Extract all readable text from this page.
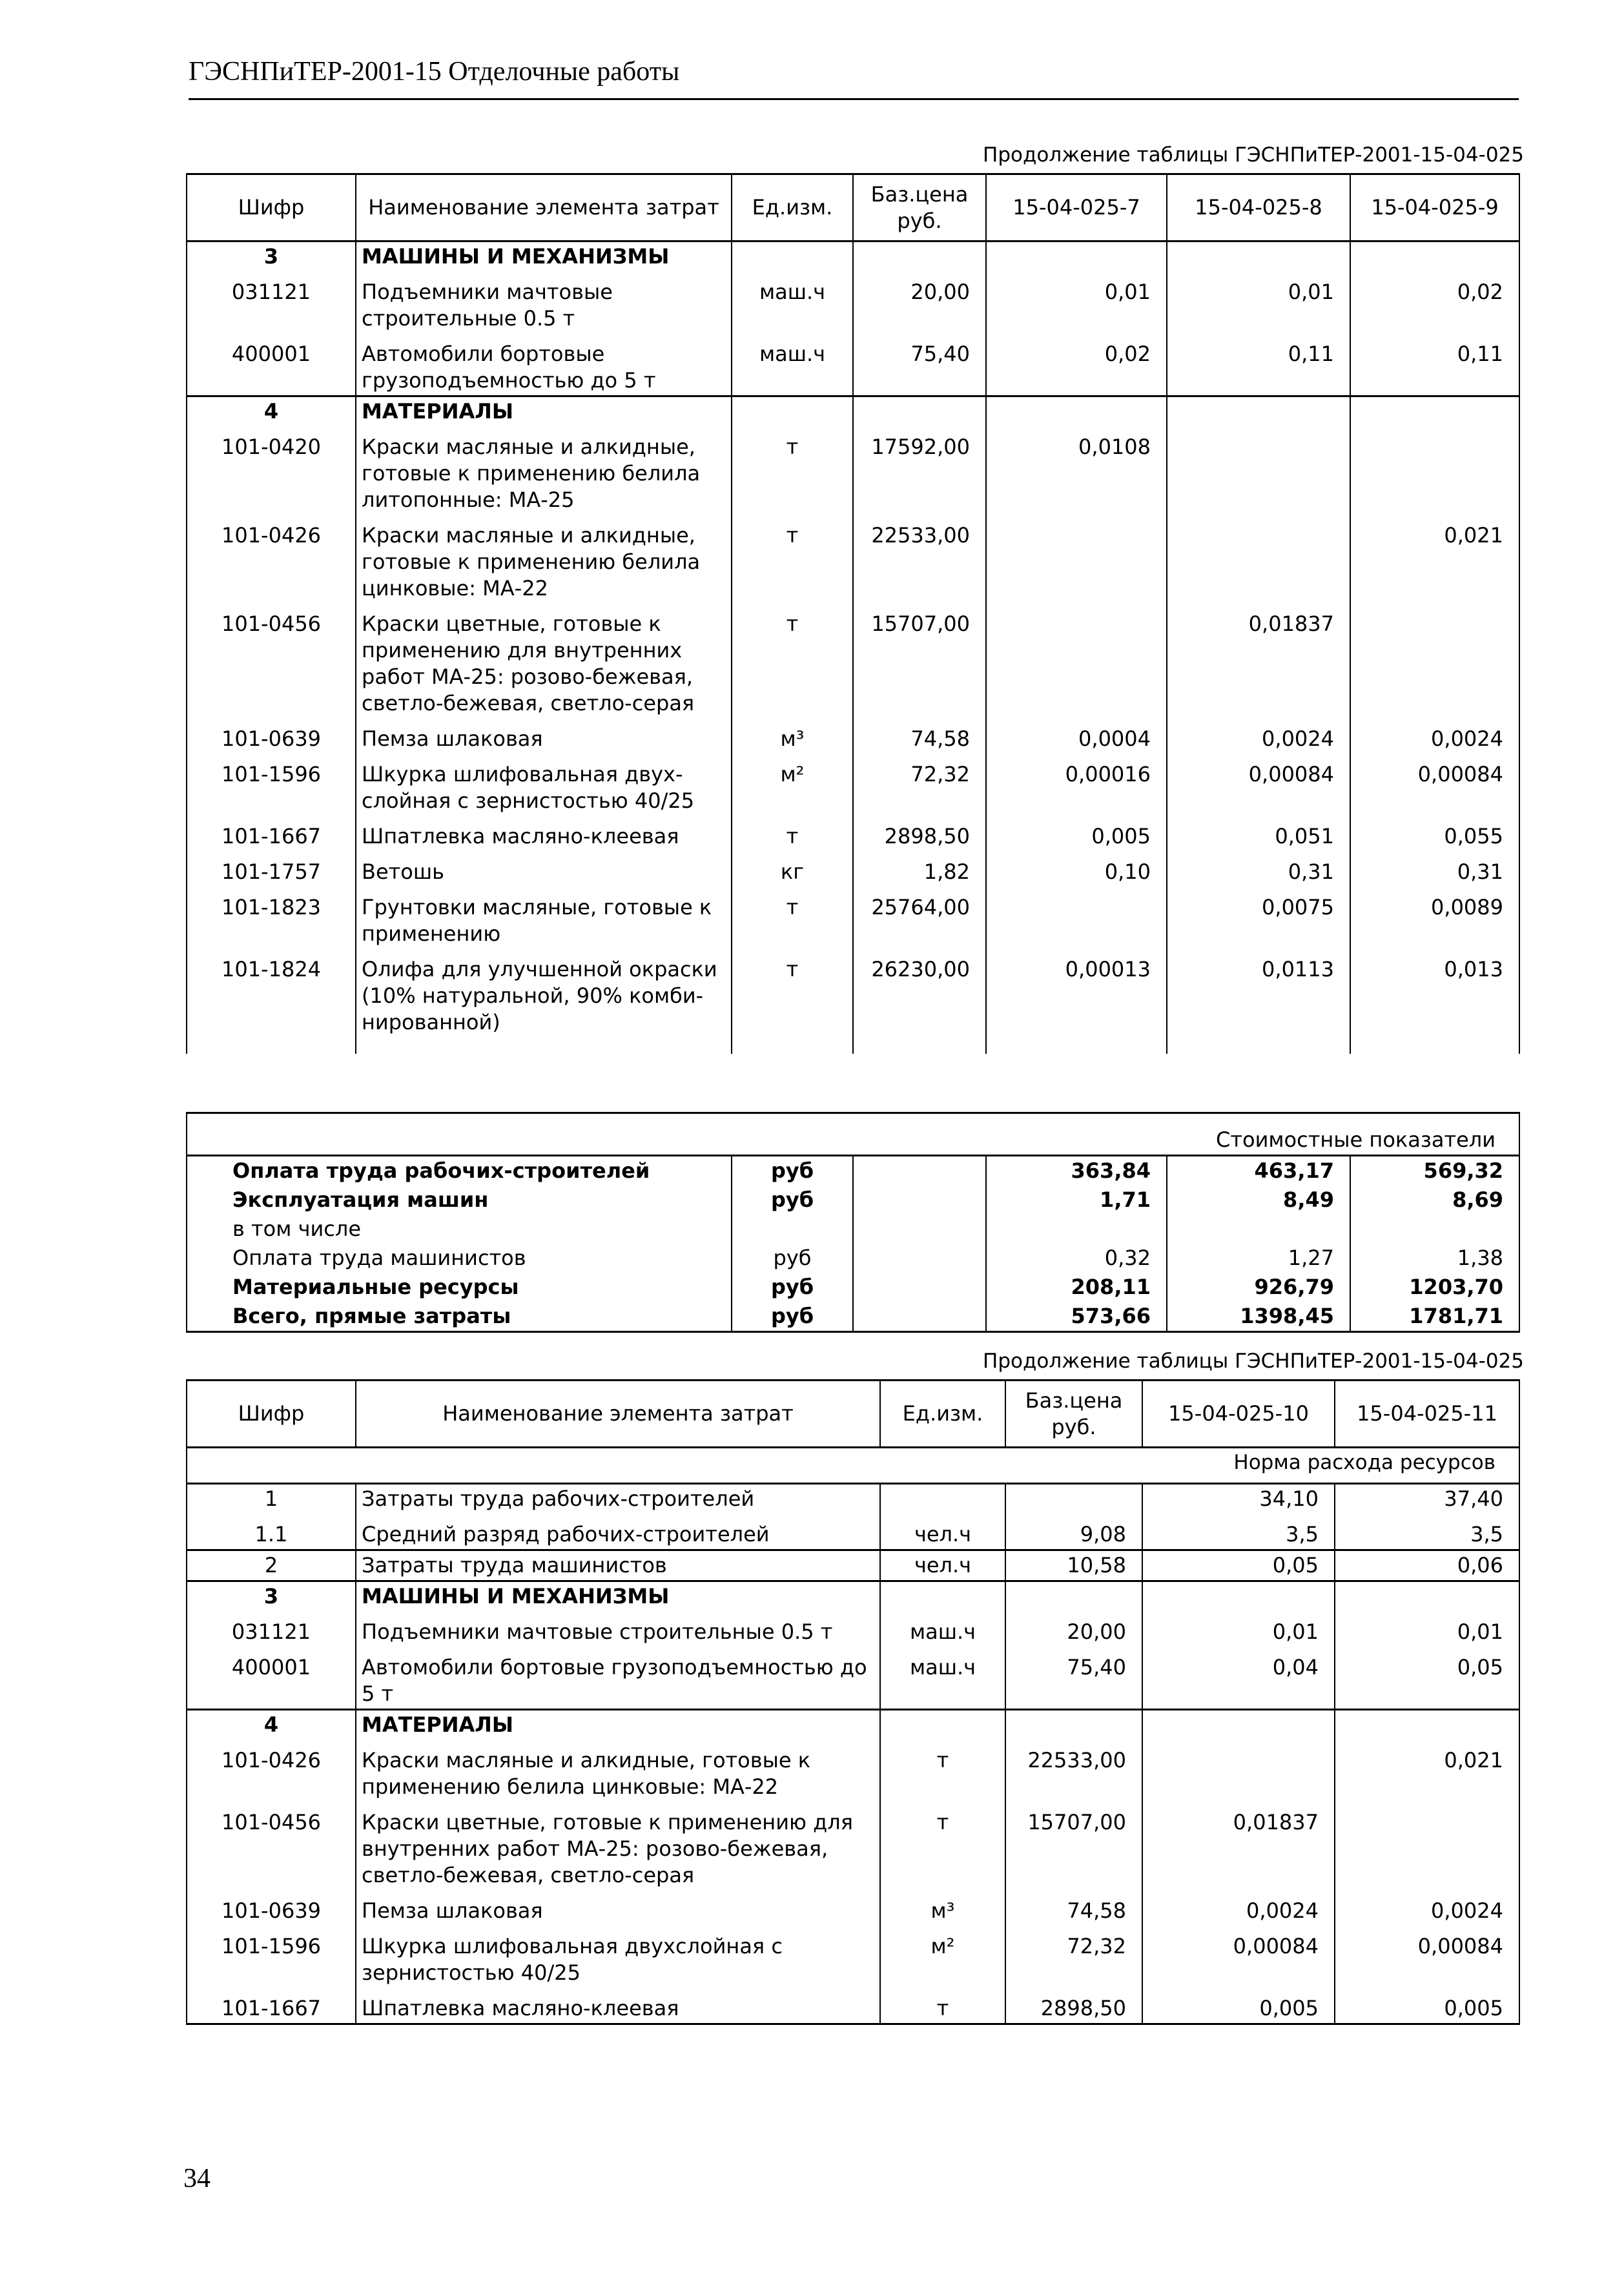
ГЭСНПиТЕР-2001-15 Отделочные работы
Продолжение таблицы ГЭСНПиТЕР-2001-15-04-025
Шифр	Наименование элемента затрат	Ед.изм.	Баз.цена руб.	15-04-025-7	15-04-025-8	15-04-025-9
3	МАШИНЫ И МЕХАНИЗМЫ					
031121	Подъемники мачтовые строительные 0.5 т	маш.ч	20,00	0,01	0,01	0,02
400001	Автомобили бортовые грузоподъемностью до 5 т	маш.ч	75,40	0,02	0,11	0,11
4	МАТЕРИАЛЫ					
101-0420	Краски масляные и алкидные, готовые к применению белила литопонные: МА-25	т	17592,00	0,0108		
101-0426	Краски масляные и алкидные, готовые к применению белила цинковые: МА-22	т	22533,00			0,021
101-0456	Краски цветные, готовые к применению для внутренних работ МА-25: розово-бежевая, светло-бежевая, светло-серая	т	15707,00		0,01837	
101-0639	Пемза шлаковая	м³	74,58	0,0004	0,0024	0,0024
101-1596	Шкурка шлифовальная двух-слойная с зернистостью 40/25	м²	72,32	0,00016	0,00084	0,00084
101-1667	Шпатлевка масляно-клеевая	т	2898,50	0,005	0,051	0,055
101-1757	Ветошь	кг	1,82	0,10	0,31	0,31
101-1823	Грунтовки масляные, готовые к применению	т	25764,00		0,0075	0,0089
101-1824	Олифа для улучшенной окраски (10% натуральной, 90% комби-нированной)	т	26230,00	0,00013	0,0113	0,013

Стоимостные показатели					
Оплата труда рабочих-строителей	руб		363,84	463,17	569,32
Эксплуатация машин	руб		1,71	8,49	8,69
в том числе					
Оплата труда машинистов	руб		0,32	1,27	1,38
Материальные ресурсы	руб		208,11	926,79	1203,70
Всего, прямые затраты	руб		573,66	1398,45	1781,71
Продолжение таблицы ГЭСНПиТЕР-2001-15-04-025
Шифр	Наименование элемента затрат	Ед.изм.	Баз.цена руб.	15-04-025-10	15-04-025-11
Норма расхода ресурсов					
1	Затраты труда рабочих-строителей			34,10	37,40
1.1	Средний разряд рабочих-строителей	чел.ч	9,08	3,5	3,5
2	Затраты труда машинистов	чел.ч	10,58	0,05	0,06
3	МАШИНЫ И МЕХАНИЗМЫ				
031121	Подъемники мачтовые строительные 0.5 т	маш.ч	20,00	0,01	0,01
400001	Автомобили бортовые грузоподъемностью до 5 т	маш.ч	75,40	0,04	0,05
4	МАТЕРИАЛЫ				
101-0426	Краски масляные и алкидные, готовые к применению белила цинковые: МА-22	т	22533,00		0,021
101-0456	Краски цветные, готовые к применению для внутренних работ МА-25: розово-бежевая, светло-бежевая, светло-серая	т	15707,00	0,01837	
101-0639	Пемза шлаковая	м³	74,58	0,0024	0,0024
101-1596	Шкурка шлифовальная двухслойная с зернистостью 40/25	м²	72,32	0,00084	0,00084
101-1667	Шпатлевка масляно-клеевая	т	2898,50	0,005	0,005
34
